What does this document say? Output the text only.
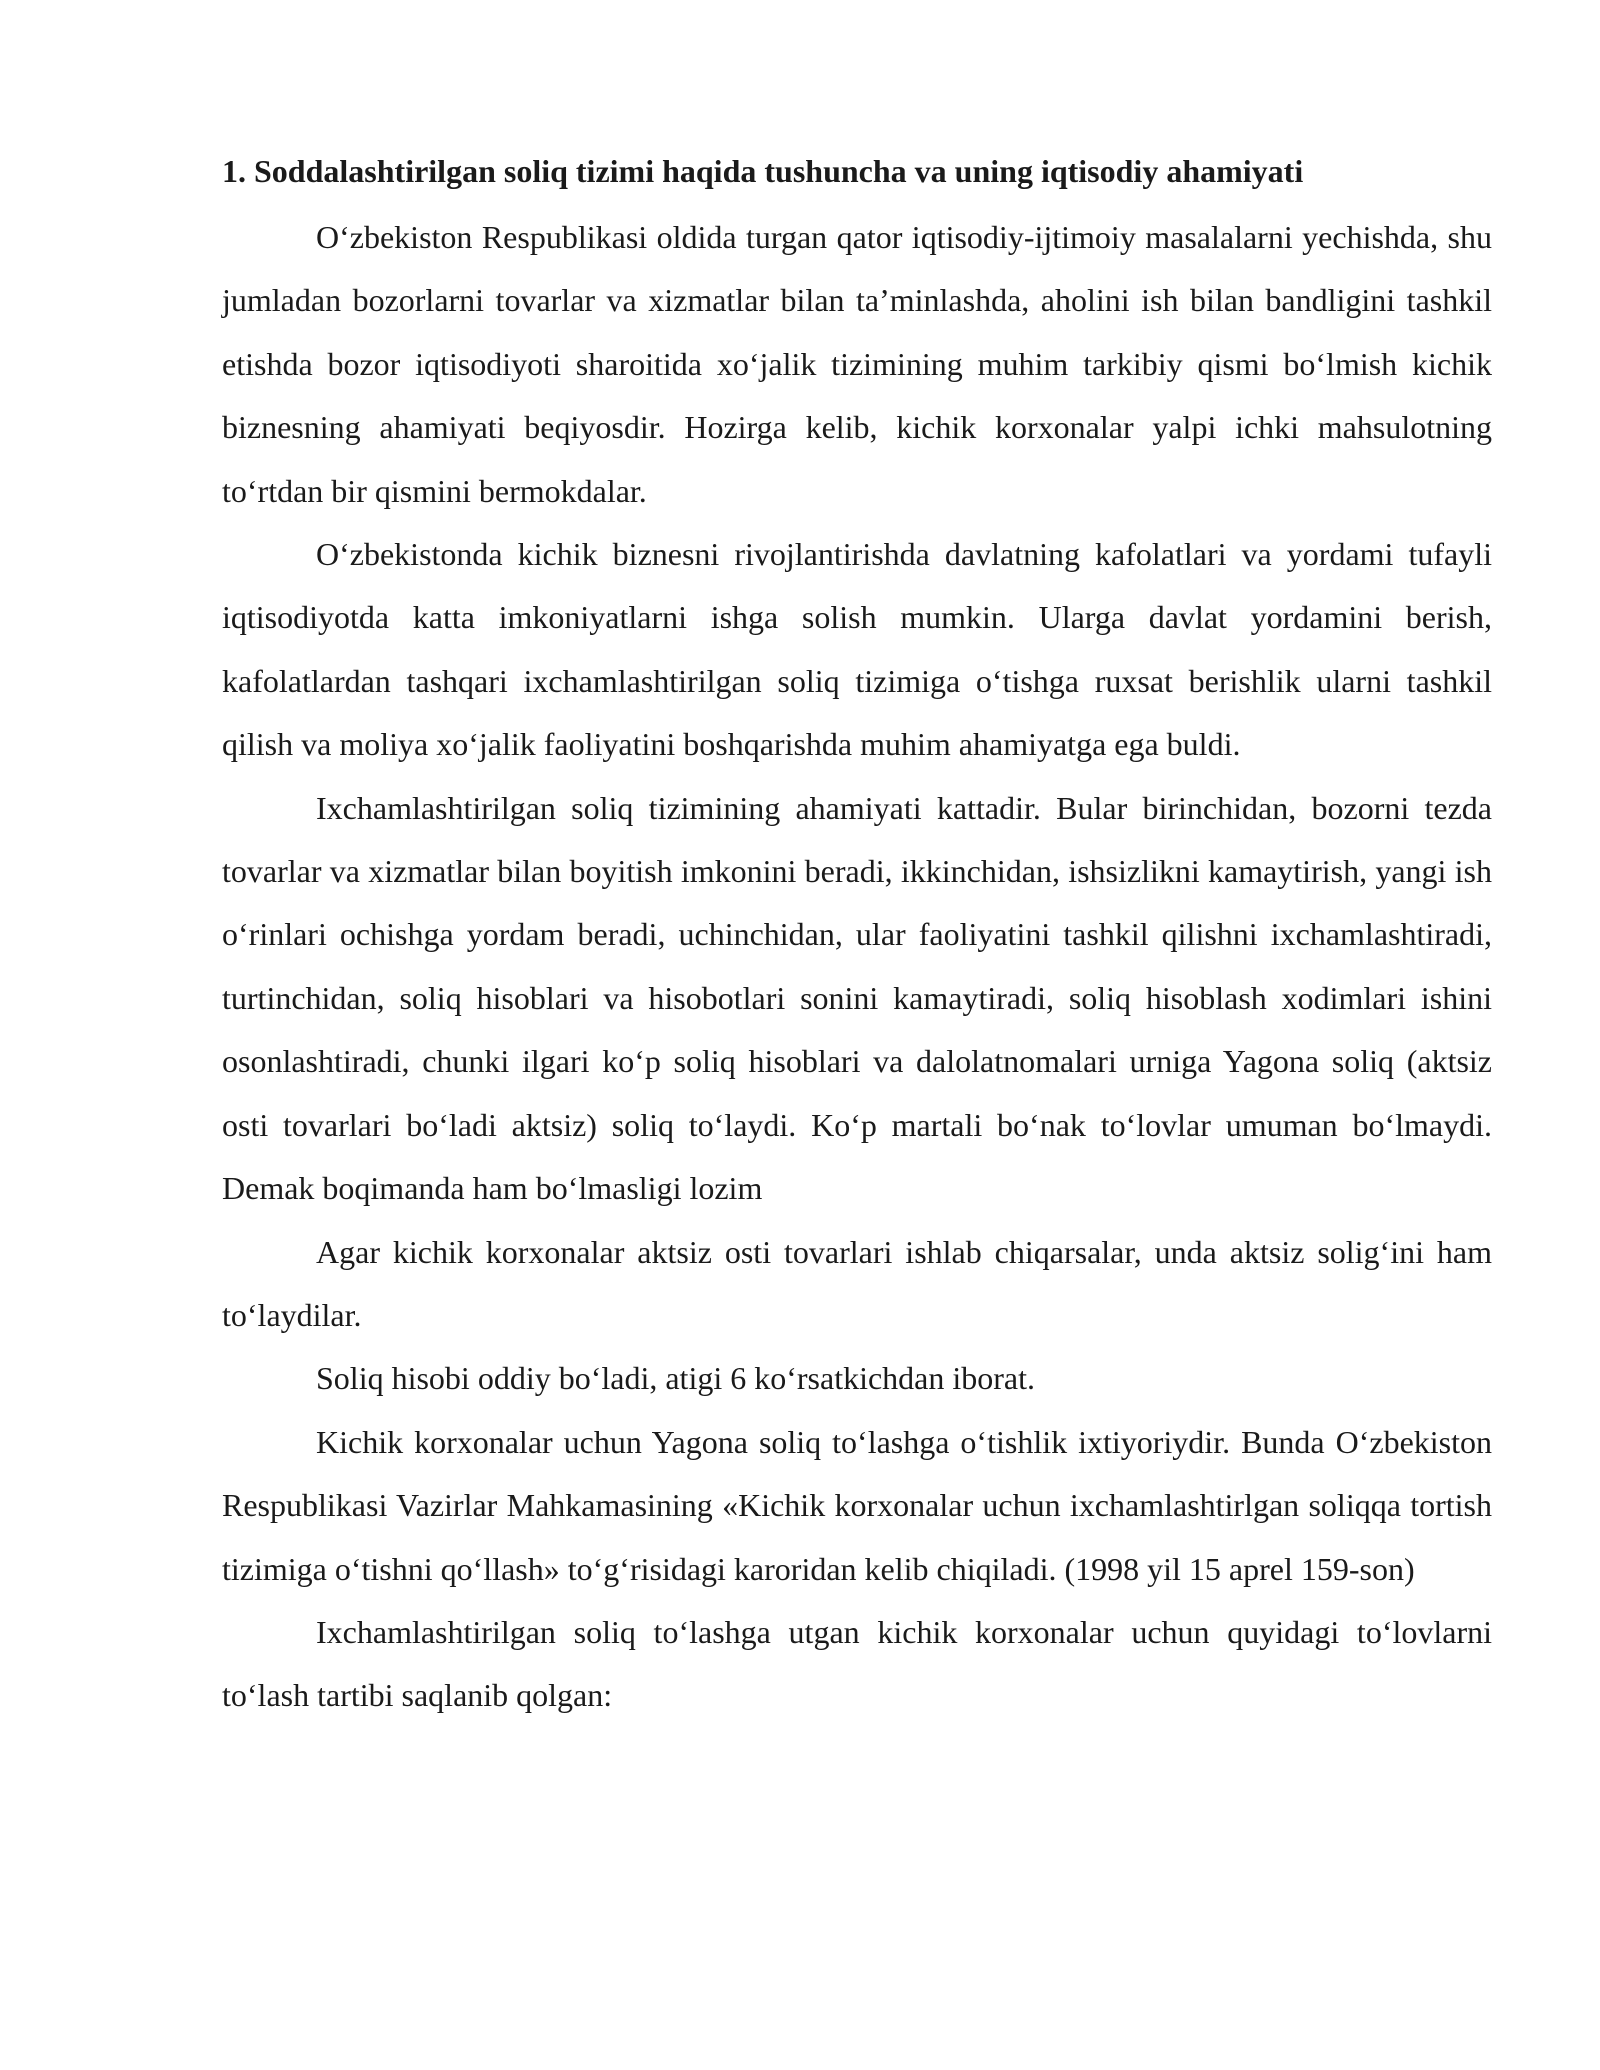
1. Soddalashtirilgan soliq tizimi haqida tushuncha va uning iqtisodiy ahamiyati

O‘zbekiston Respublikasi oldida turgan qator iqtisodiy-ijtimoiy masalalarni yechishda, shu jumladan bozorlarni tovarlar va xizmatlar bilan ta’minlashda, aholini ish bilan bandligini tashkil etishda bozor iqtisodiyoti sharoitida xo‘jalik tizimining muhim tarkibiy qismi bo‘lmish kichik biznesning ahamiyati beqiyosdir. Hozirga kelib, kichik korxonalar yalpi ichki mahsulotning to‘rtdan bir qismini bermokdalar.

O‘zbekistonda kichik biznesni rivojlantirishda davlatning kafolatlari va yordami tufayli iqtisodiyotda katta imkoniyatlarni ishga solish mumkin. Ularga davlat yordamini berish, kafolatlardan tashqari ixchamlashtirilgan soliq tizimiga o‘tishga ruxsat berishlik ularni tashkil qilish va moliya xo‘jalik faoliyatini boshqarishda muhim ahamiyatga ega buldi.

Ixchamlashtirilgan soliq tizimining ahamiyati kattadir. Bular birinchidan, bozorni tezda tovarlar va xizmatlar bilan boyitish imkonini beradi, ikkinchidan, ishsizlikni kamaytirish, yangi ish o‘rinlari ochishga yordam beradi, uchinchidan, ular faoliyatini tashkil qilishni ixchamlashtiradi, turtinchidan, soliq hisoblari va hisobotlari sonini kamaytiradi, soliq hisoblash xodimlari ishini osonlashtiradi, chunki ilgari ko‘p soliq hisoblari va dalolatnomalari urniga Yagona soliq (aktsiz osti tovarlari bo‘ladi aktsiz) soliq to‘laydi. Ko‘p martali bo‘nak to‘lovlar umuman bo‘lmaydi. Demak boqimanda ham bo‘lmasligi lozim

Agar kichik korxonalar aktsiz osti tovarlari ishlab chiqarsalar, unda aktsiz solig‘ini ham to‘laydilar.

Soliq hisobi oddiy bo‘ladi, atigi 6 ko‘rsatkichdan iborat.

Kichik korxonalar uchun Yagona soliq to‘lashga o‘tishlik ixtiyoriydir. Bunda O‘zbekiston Respublikasi Vazirlar Mahkamasining «Kichik korxonalar uchun ixchamlashtirlgan soliqqa tortish tizimiga o‘tishni qo‘llash» to‘g‘risidagi karoridan kelib chiqiladi. (1998 yil 15 aprel 159-son)

Ixchamlashtirilgan soliq to‘lashga utgan kichik korxonalar uchun quyidagi to‘lovlarni to‘lash tartibi saqlanib qolgan:
